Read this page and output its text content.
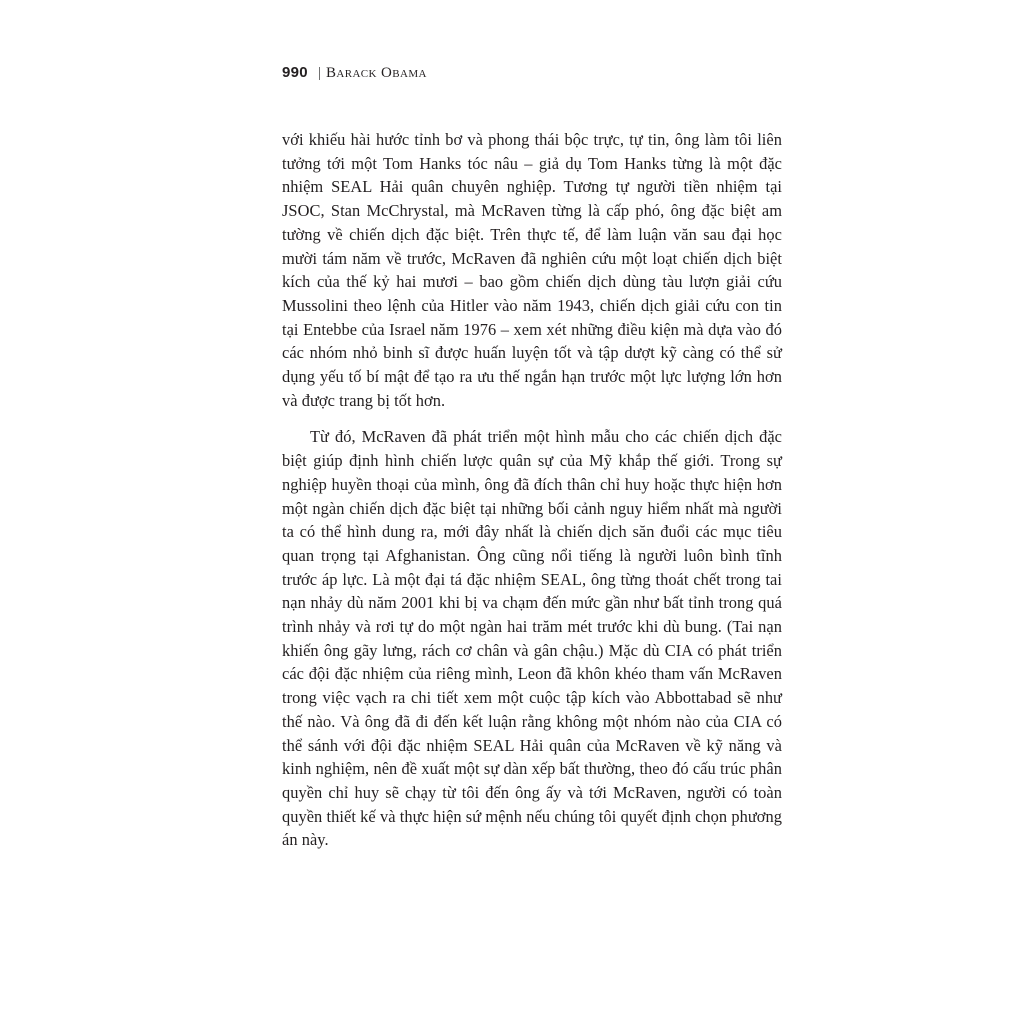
990 | Barack Obama

với khiếu hài hước tỉnh bơ và phong thái bộc trực, tự tin, ông làm tôi liên tưởng tới một Tom Hanks tóc nâu – giả dụ Tom Hanks từng là một đặc nhiệm SEAL Hải quân chuyên nghiệp. Tương tự người tiền nhiệm tại JSOC, Stan McChrystal, mà McRaven từng là cấp phó, ông đặc biệt am tường về chiến dịch đặc biệt. Trên thực tế, để làm luận văn sau đại học mười tám năm về trước, McRaven đã nghiên cứu một loạt chiến dịch biệt kích của thế kỷ hai mươi – bao gồm chiến dịch dùng tàu lượn giải cứu Mussolini theo lệnh của Hitler vào năm 1943, chiến dịch giải cứu con tin tại Entebbe của Israel năm 1976 – xem xét những điều kiện mà dựa vào đó các nhóm nhỏ binh sĩ được huấn luyện tốt và tập dượt kỹ càng có thể sử dụng yếu tố bí mật để tạo ra ưu thế ngắn hạn trước một lực lượng lớn hơn và được trang bị tốt hơn.

Từ đó, McRaven đã phát triển một hình mẫu cho các chiến dịch đặc biệt giúp định hình chiến lược quân sự của Mỹ khắp thế giới. Trong sự nghiệp huyền thoại của mình, ông đã đích thân chỉ huy hoặc thực hiện hơn một ngàn chiến dịch đặc biệt tại những bối cảnh nguy hiểm nhất mà người ta có thể hình dung ra, mới đây nhất là chiến dịch săn đuổi các mục tiêu quan trọng tại Afghanistan. Ông cũng nổi tiếng là người luôn bình tĩnh trước áp lực. Là một đại tá đặc nhiệm SEAL, ông từng thoát chết trong tai nạn nhảy dù năm 2001 khi bị va chạm đến mức gần như bất tỉnh trong quá trình nhảy và rơi tự do một ngàn hai trăm mét trước khi dù bung. (Tai nạn khiến ông gãy lưng, rách cơ chân và gân chậu.) Mặc dù CIA có phát triển các đội đặc nhiệm của riêng mình, Leon đã khôn khéo tham vấn McRaven trong việc vạch ra chi tiết xem một cuộc tập kích vào Abbottabad sẽ như thế nào. Và ông đã đi đến kết luận rằng không một nhóm nào của CIA có thể sánh với đội đặc nhiệm SEAL Hải quân của McRaven về kỹ năng và kinh nghiệm, nên đề xuất một sự dàn xếp bất thường, theo đó cấu trúc phân quyền chỉ huy sẽ chạy từ tôi đến ông ấy và tới McRaven, người có toàn quyền thiết kế và thực hiện sứ mệnh nếu chúng tôi quyết định chọn phương án này.
